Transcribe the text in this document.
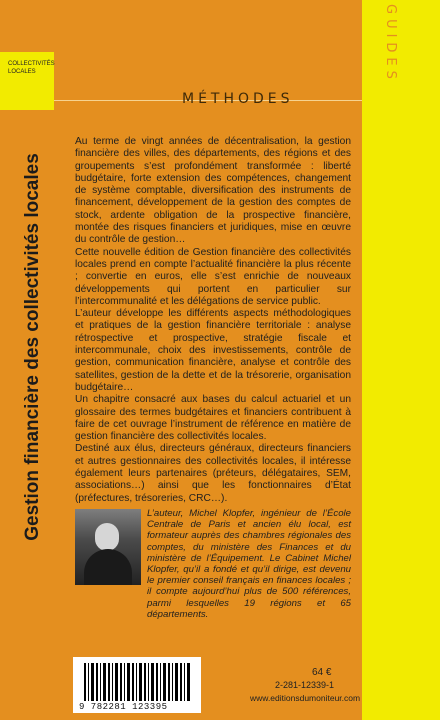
GUIDES
COLLECTIVITÉS
LOCALES
MÉTHODES
Gestion financière des collectivités locales

Au terme de vingt années de décentralisation, la gestion financière des villes, des départements, des régions et des groupements s’est profondément transformée : liberté budgétaire, forte extension des compétences, changement de système comptable, diversification des instruments de financement, développement de la gestion des comptes de stock, ardente obligation de la prospective financière, montée des risques financiers et juridiques, mise en œuvre du contrôle de gestion…

Cette nouvelle édition de Gestion financière des collectivités locales prend en compte l’actualité financière la plus récente ; convertie en euros, elle s’est enrichie de nouveaux développements qui portent en particulier sur l’intercommunalité et les délégations de service public.

L’auteur développe les différents aspects méthodologiques et pratiques de la gestion financière territoriale : analyse rétrospective et prospective, stratégie fiscale et intercommunale, choix des investissements, contrôle de gestion, communication financière, analyse et contrôle des satellites, gestion de la dette et de la trésorerie, organisation budgétaire…

Un chapitre consacré aux bases du calcul actuariel et un glossaire des termes budgétaires et financiers contribuent à faire de cet ouvrage l’instrument de référence en matière de gestion financière des collectivités locales.

Destiné aux élus, directeurs généraux, directeurs financiers et autres gestionnaires des collectivités locales, il intéresse également leurs partenaires (préteurs, délégataires, SEM, associations…) ainsi que les fonctionnaires d’État (préfectures, trésoreries, CRC…).

L’auteur, Michel Klopfer, ingénieur de l’École Centrale de Paris et ancien élu local, est formateur auprès des chambres régionales des comptes, du ministère des Finances et du ministère de l’Équipement. Le Cabinet Michel Klopfer, qu’il a fondé et qu’il dirige, est devenu le premier conseil français en finances locales ; il compte aujourd’hui plus de 500 références, parmi lesquelles 19 régions et 65 départements.

9 782281 123395
64 €
2-281-12339-1
www.editionsdumoniteur.com
